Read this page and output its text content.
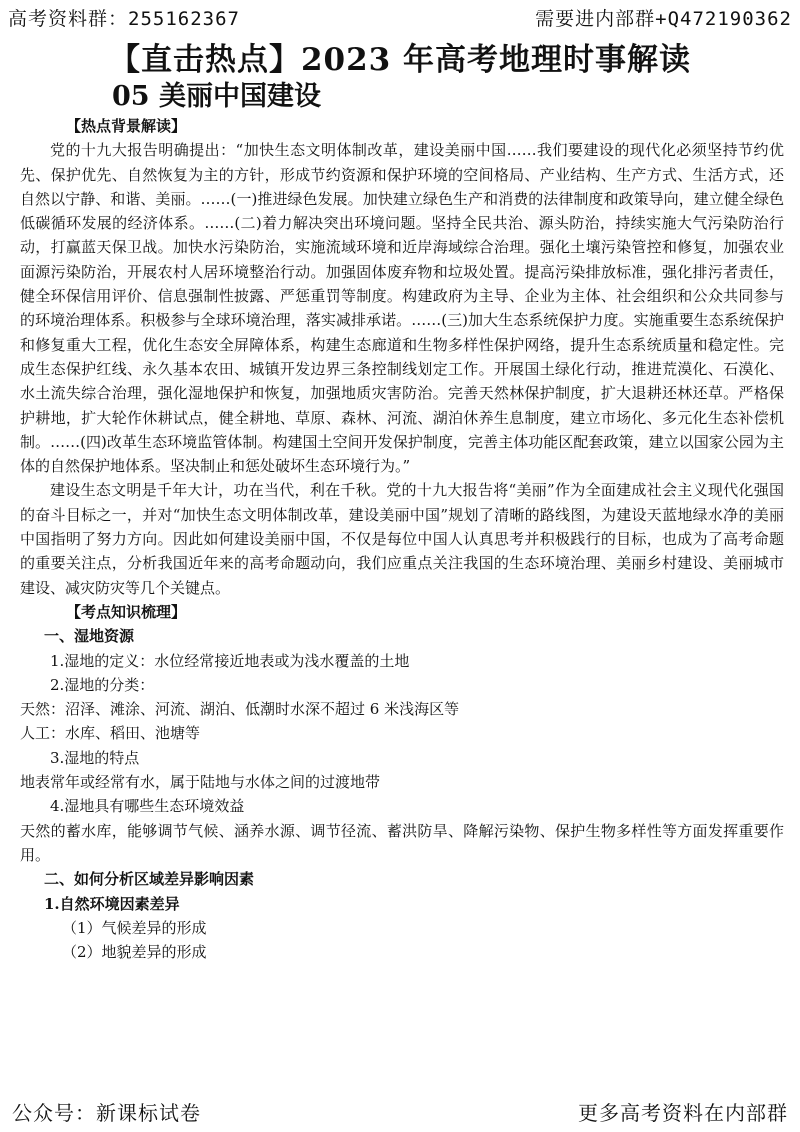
高考资料群：255162367	需要进内部群+Q472190362
【直击热点】2023 年高考地理时事解读
05 美丽中国建设

【热点背景解读】

党的十九大报告明确提出：“加快生态文明体制改革，建设美丽中国……我们要建设的现代化必须坚持节约优先、保护优先、自然恢复为主的方针，形成节约资源和保护环境的空间格局、产业结构、生产方式、生活方式，还自然以宁静、和谐、美丽。……(一)推进绿色发展。加快建立绿色生产和消费的法律制度和政策导向，建立健全绿色低碳循环发展的经济体系。……(二)着力解决突出环境问题。坚持全民共治、源头防治，持续实施大气污染防治行动，打赢蓝天保卫战。加快水污染防治，实施流域环境和近岸海域综合治理。强化土壤污染管控和修复，加强农业面源污染防治，开展农村人居环境整治行动。加强固体废弃物和垃圾处置。提高污染排放标准，强化排污者责任，健全环保信用评价、信息强制性披露、严惩重罚等制度。构建政府为主导、企业为主体、社会组织和公众共同参与的环境治理体系。积极参与全球环境治理，落实减排承诺。……(三)加大生态系统保护力度。实施重要生态系统保护和修复重大工程，优化生态安全屏障体系，构建生态廊道和生物多样性保护网络，提升生态系统质量和稳定性。完成生态保护红线、永久基本农田、城镇开发边界三条控制线划定工作。开展国土绿化行动，推进荒漠化、石漠化、水土流失综合治理，强化湿地保护和恢复，加强地质灾害防治。完善天然林保护制度，扩大退耕还林还草。严格保护耕地，扩大轮作休耕试点，健全耕地、草原、森林、河流、湖泊休养生息制度，建立市场化、多元化生态补偿机制。……(四)改革生态环境监管体制。构建国土空间开发保护制度，完善主体功能区配套政策，建立以国家公园为主体的自然保护地体系。坚决制止和惩处破坏生态环境行为。”

建设生态文明是千年大计，功在当代，利在千秋。党的十九大报告将“美丽”作为全面建成社会主义现代化强国的奋斗目标之一，并对“加快生态文明体制改革，建设美丽中国”规划了清晰的路线图，为建设天蓝地绿水净的美丽中国指明了努力方向。因此如何建设美丽中国，不仅是每位中国人认真思考并积极践行的目标，也成为了高考命题的重要关注点，分析我国近年来的高考命题动向，我们应重点关注我国的生态环境治理、美丽乡村建设、美丽城市建设、减灾防灾等几个关键点。

【考点知识梳理】

一、湿地资源

1.湿地的定义：水位经常接近地表或为浅水覆盖的土地

2.湿地的分类：

天然：沼泽、滩涂、河流、湖泊、低潮时水深不超过 6 米浅海区等

人工：水库、稻田、池塘等

3.湿地的特点

地表常年或经常有水，属于陆地与水体之间的过渡地带

4.湿地具有哪些生态环境效益

天然的蓄水库，能够调节气候、涵养水源、调节径流、蓄洪防旱、降解污染物、保护生物多样性等方面发挥重要作用。

二、如何分析区域差异影响因素

1.自然环境因素差异

（1）气候差异的形成

（2）地貌差异的形成

公众号：新课标试卷	更多高考资料在内部群
